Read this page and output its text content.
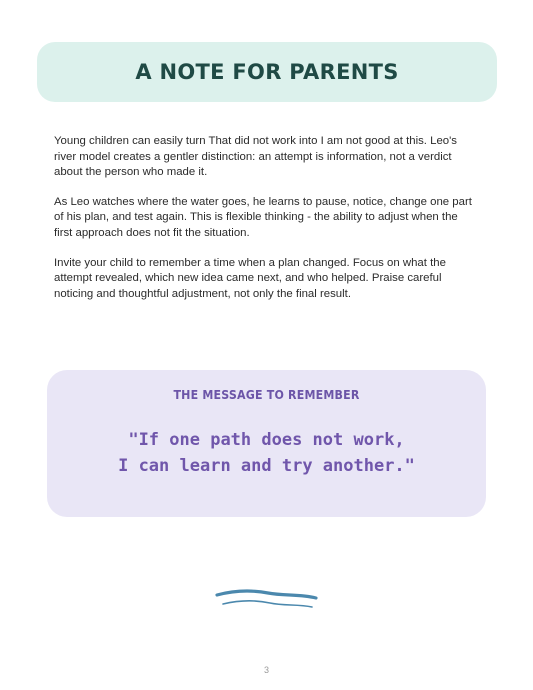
A NOTE FOR PARENTS

Young children can easily turn That did not work into I am not good at this. Leo's river model creates a gentler distinction: an attempt is information, not a verdict about the person who made it.

As Leo watches where the water goes, he learns to pause, notice, change one part of his plan, and test again. This is flexible thinking - the ability to adjust when the first approach does not fit the situation.

Invite your child to remember a time when a plan changed. Focus on what the attempt revealed, which new idea came next, and who helped. Praise careful noticing and thoughtful adjustment, not only the final result.

THE MESSAGE TO REMEMBER
"If one path does not work,
I can learn and try another."
3
